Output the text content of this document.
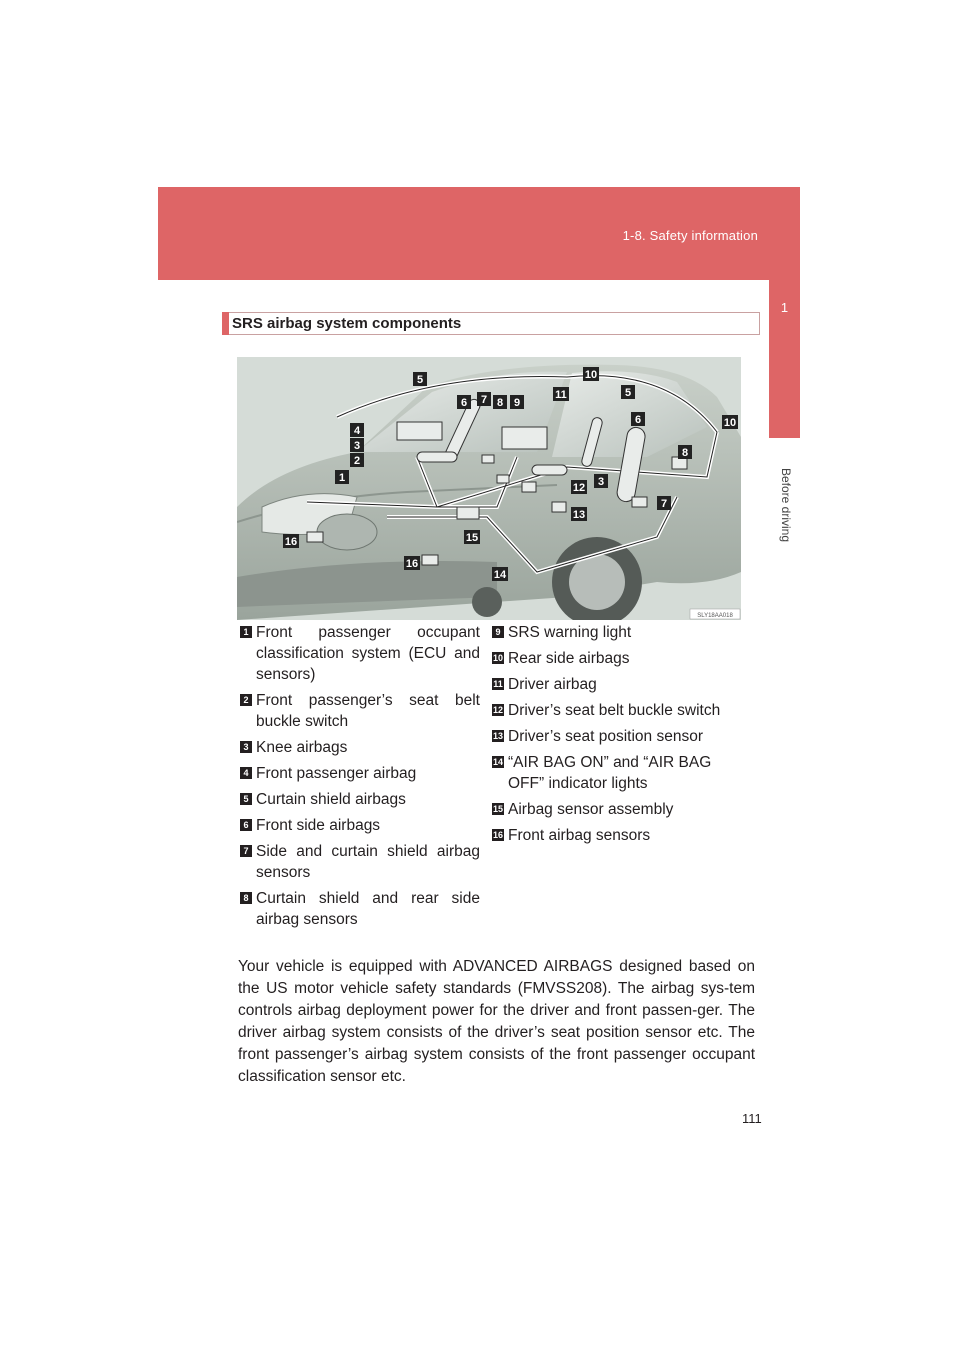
1-8. Safety information
1
Before driving
SRS airbag system components
5	10
5
11
6 7 8 9
6	10
4
3
2
1
8
3
12
7
13
15
16
16
14
SLY18AA018
1 Front passenger occupant classification system (ECU and sensors)
2 Front passenger’s seat belt buckle switch
3 Knee airbags
4 Front passenger airbag
5 Curtain shield airbags
6 Front side airbags
7 Side and curtain shield airbag sensors
8 Curtain shield and rear side airbag sensors
9 SRS warning light
10 Rear side airbags
11 Driver airbag
12 Driver’s seat belt buckle switch
13 Driver’s seat position sensor
14 “AIR BAG ON” and “AIR BAG OFF” indicator lights
15 Airbag sensor assembly
16 Front airbag sensors
Your vehicle is equipped with ADVANCED AIRBAGS designed based on the US motor vehicle safety standards (FMVSS208). The airbag sys-tem controls airbag deployment power for the driver and front passen-ger. The driver airbag system consists of the driver’s seat position sensor etc. The front passenger’s airbag system consists of the front passenger occupant classification sensor etc.
111
